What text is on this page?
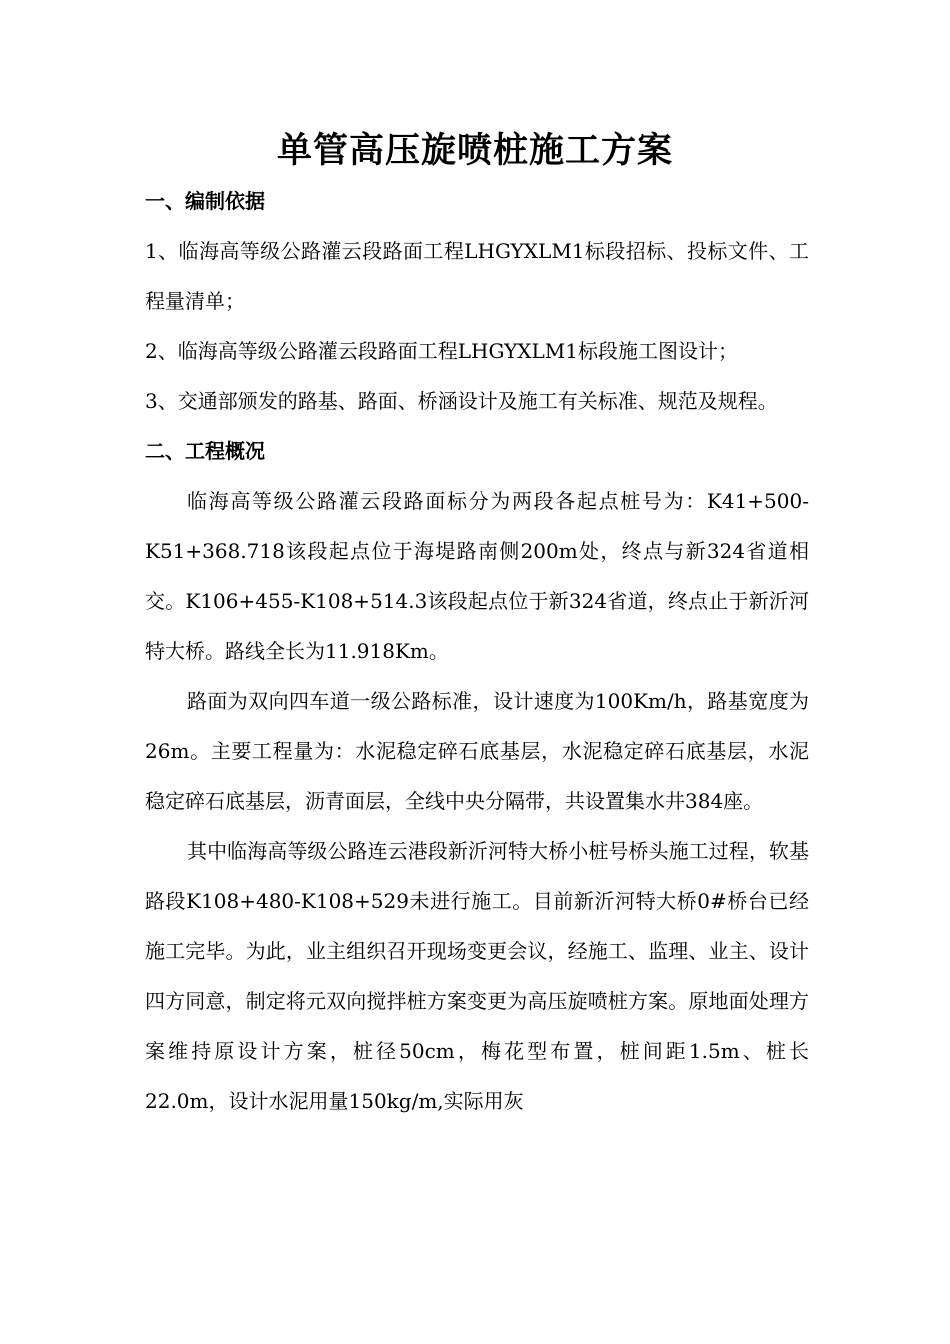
单管高压旋喷桩施工方案

一、编制依据

1、临海高等级公路灌云段路面工程LHGYXLM1标段招标、投标文件、工程量清单；

2、临海高等级公路灌云段路面工程LHGYXLM1标段施工图设计；

3、交通部颁发的路基、路面、桥涵设计及施工有关标准、规范及规程。

二、工程概况

临海高等级公路灌云段路面标分为两段各起点桩号为：K41+500-K51+368.718该段起点位于海堤路南侧200m处，终点与新324省道相交。K106+455-K108+514.3该段起点位于新324省道，终点止于新沂河特大桥。路线全长为11.918Km。

路面为双向四车道一级公路标准，设计速度为100Km/h，路基宽度为26m。主要工程量为：水泥稳定碎石底基层，水泥稳定碎石底基层，水泥稳定碎石底基层，沥青面层，全线中央分隔带，共设置集水井384座。

其中临海高等级公路连云港段新沂河特大桥小桩号桥头施工过程，软基路段K108+480-K108+529未进行施工。目前新沂河特大桥0#桥台已经施工完毕。为此，业主组织召开现场变更会议，经施工、监理、业主、设计四方同意，制定将元双向搅拌桩方案变更为高压旋喷桩方案。原地面处理方案维持原设计方案，桩径50cm，梅花型布置，桩间距1.5m、桩长22.0m，设计水泥用量150kg/m,实际用灰
